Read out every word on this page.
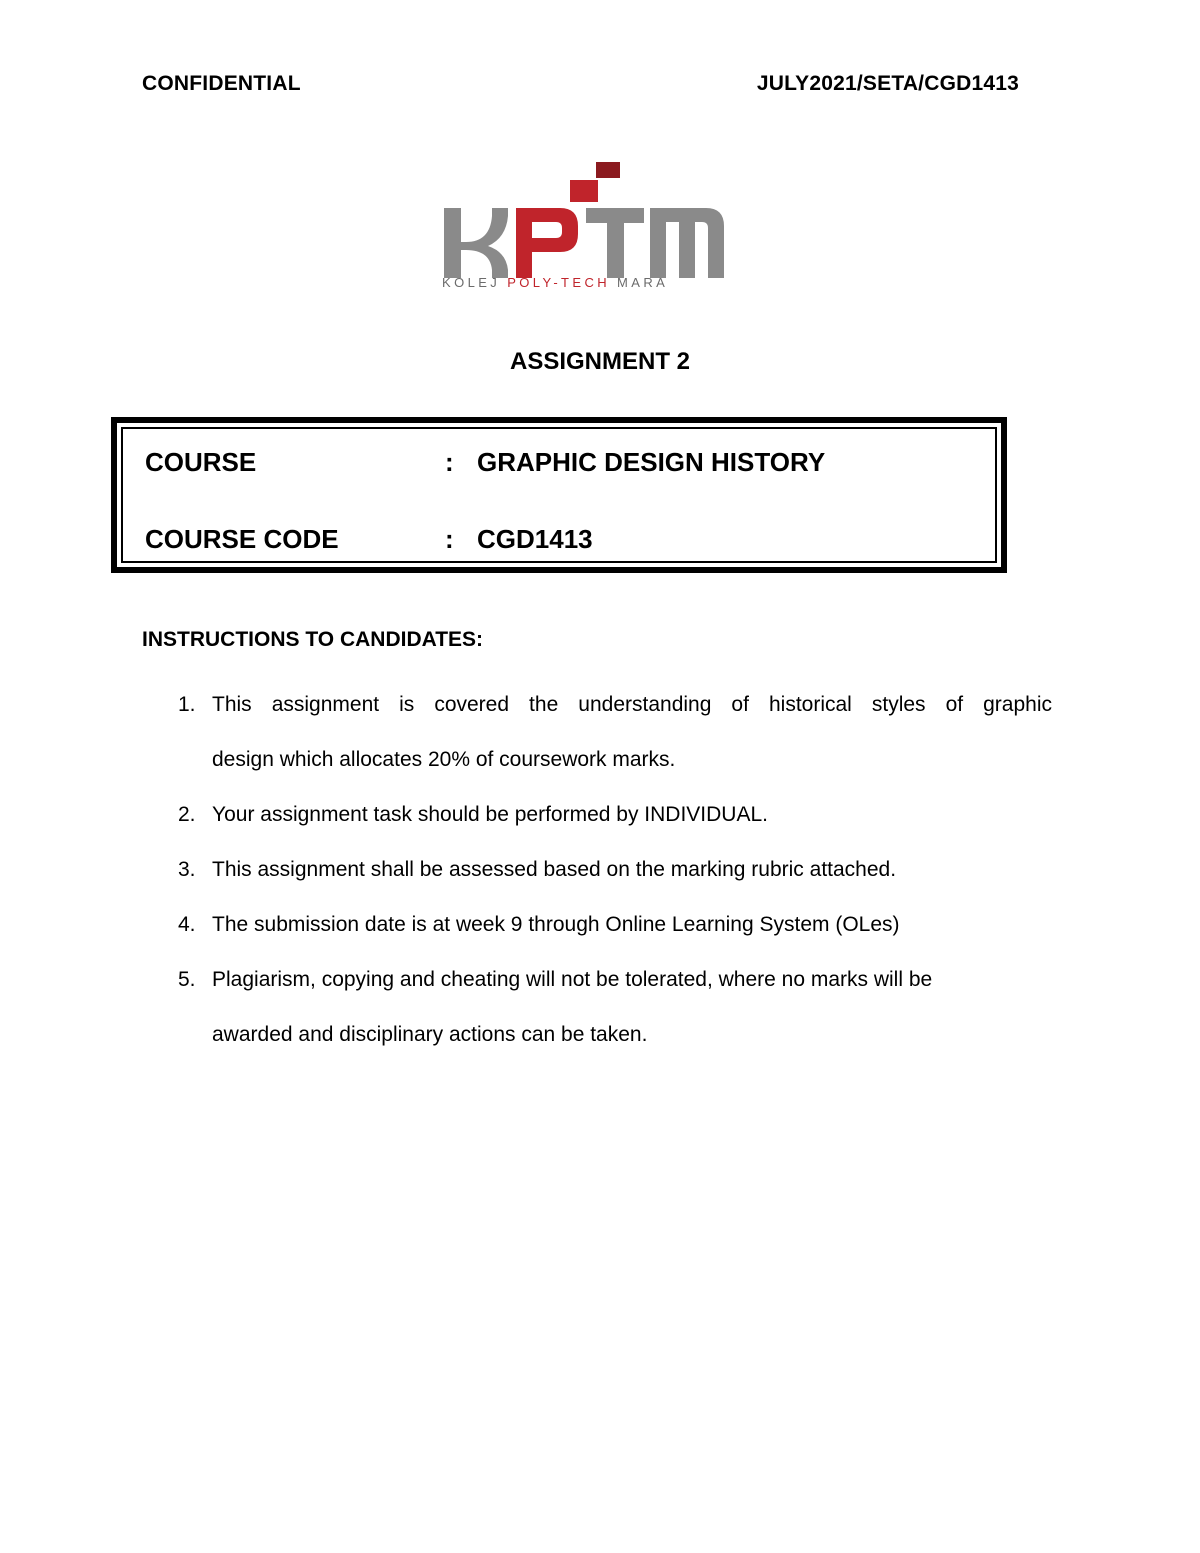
CONFIDENTIAL	JULY2021/SETA/CGD1413
KOLEJ POLY-TECH MARA
ASSIGNMENT 2
COURSE	: GRAPHIC DESIGN HISTORY
COURSE CODE	: CGD1413
INSTRUCTIONS TO CANDIDATES:
1. This assignment is covered the understanding of historical styles of graphic
design which allocates 20% of coursework marks.
2. Your assignment task should be performed by INDIVIDUAL.
3. This assignment shall be assessed based on the marking rubric attached.
4. The submission date is at week 9 through Online Learning System (OLes)
5. Plagiarism, copying and cheating will not be tolerated, where no marks will be
awarded and disciplinary actions can be taken.
